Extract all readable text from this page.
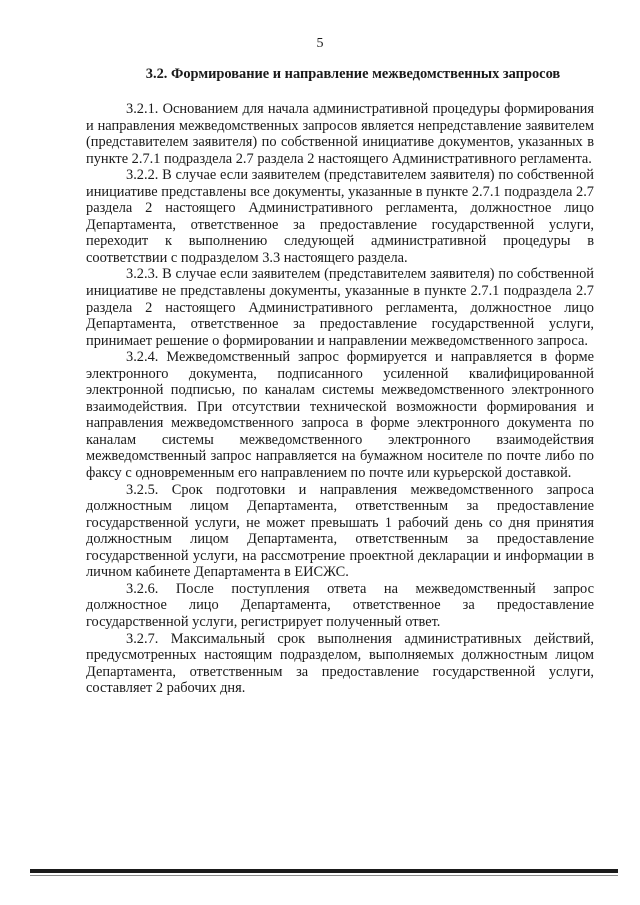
5
3.2. Формирование и направление межведомственных запросов

3.2.1. Основанием для начала административной процедуры формирования и направления межведомственных запросов является непредставление заявителем (представителем заявителя) по собственной инициативе документов, указанных в пункте 2.7.1 подраздела 2.7 раздела 2 настоящего Административного регламента.

3.2.2. В случае если заявителем (представителем заявителя) по собственной инициативе представлены все документы, указанные в пункте 2.7.1 подраздела 2.7 раздела 2 настоящего Административного регламента, должностное лицо Департамента, ответственное за предоставление государственной услуги, переходит к выполнению следующей административной процедуры в соответствии с подразделом 3.3 настоящего раздела.

3.2.3. В случае если заявителем (представителем заявителя) по собственной инициативе не представлены документы, указанные в пункте 2.7.1 подраздела 2.7 раздела 2 настоящего Административного регламента, должностное лицо Департамента, ответственное за предоставление государственной услуги, принимает решение о формировании и направлении межведомственного запроса.

3.2.4. Межведомственный запрос формируется и направляется в форме электронного документа, подписанного усиленной квалифицированной электронной подписью, по каналам системы межведомственного электронного взаимодействия. При отсутствии технической возможности формирования и направления межведомственного запроса в форме электронного документа по каналам системы межведомственного электронного взаимодействия межведомственный запрос направляется на бумажном носителе по почте либо по факсу с одновременным его направлением по почте или курьерской доставкой.

3.2.5. Срок подготовки и направления межведомственного запроса должностным лицом Департамента, ответственным за предоставление государственной услуги, не может превышать 1 рабочий день со дня принятия должностным лицом Департамента, ответственным за предоставление государственной услуги, на рассмотрение проектной декларации и информации в личном кабинете Департамента в ЕИСЖС.

3.2.6. После поступления ответа на межведомственный запрос должностное лицо Департамента, ответственное за предоставление государственной услуги, регистрирует полученный ответ.

3.2.7. Максимальный срок выполнения административных действий, предусмотренных настоящим подразделом, выполняемых должностным лицом Департамента, ответственным за предоставление государственной услуги, составляет 2 рабочих дня.
